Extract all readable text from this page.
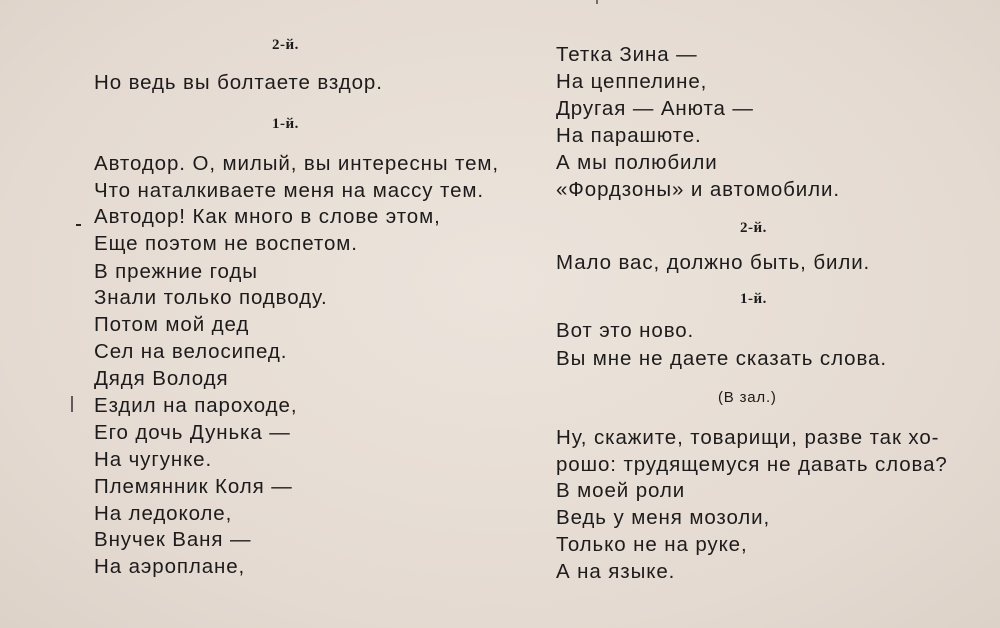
2-й.
Но ведь вы болтаете вздор.
1-й.
Автодор. О, милый, вы интересны тем,
Что наталкиваете меня на массу тем.
Автодор! Как много в слове этом,
Еще поэтом не воспетом.
В прежние годы
Знали только подводу.
Потом мой дед
Сел на велосипед.
Дядя Володя
Ездил на пароходе,
Его дочь Дунька —
На чугунке.
Племянник Коля —
На ледоколе,
Внучек Ваня —
На аэроплане,
Тетка Зина —
На цеппелине,
Другая — Анюта —
На парашюте.
А мы полюбили
«Фордзоны» и автомобили.
2-й.
Мало вас, должно быть, били.
1-й.
Вот это ново.
Вы мне не даете сказать слова.
(В зал.)
Ну, скажите, товарищи, разве так хо-
рошо: трудящемуся не давать слова?
В моей роли
Ведь у меня мозоли,
Только не на руке,
А на языке.
